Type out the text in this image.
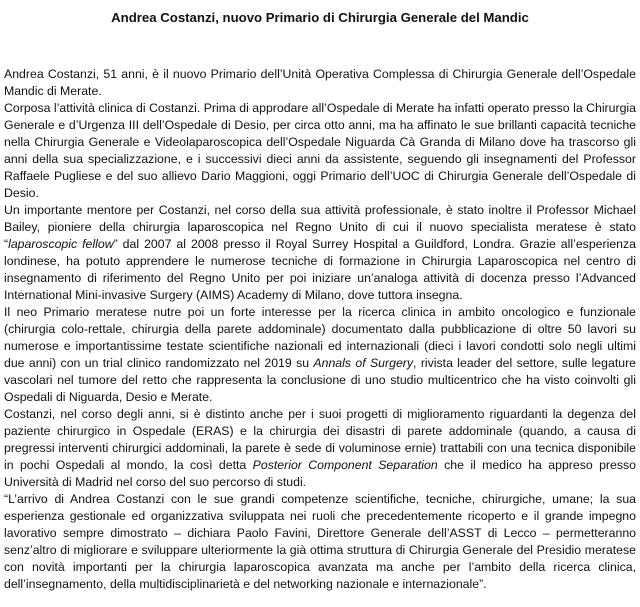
Andrea Costanzi, nuovo Primario di Chirurgia Generale del Mandic

Andrea Costanzi, 51 anni, è il nuovo Primario dell’Unità Operativa Complessa di Chirurgia Generale dell’Ospedale Mandic di Merate.

Corposa l’attività clinica di Costanzi. Prima di approdare all’Ospedale di Merate ha infatti operato presso la Chirurgia Generale e d’Urgenza III dell’Ospedale di Desio, per circa otto anni, ma ha affinato le sue brillanti capacità tecniche nella Chirurgia Generale e Videolaparoscopica dell’Ospedale Niguarda Cà Granda di Milano dove ha trascorso gli anni della sua specializzazione, e i successivi dieci anni da assistente, seguendo gli insegnamenti del Professor Raffaele Pugliese e del suo allievo Dario Maggioni, oggi Primario dell’UOC di Chirurgia Generale dell’Ospedale di Desio.

Un importante mentore per Costanzi, nel corso della sua attività professionale, è stato inoltre il Professor Michael Bailey, pioniere della chirurgia laparoscopica nel Regno Unito di cui il nuovo specialista meratese è stato “laparoscopic fellow” dal 2007 al 2008 presso il Royal Surrey Hospital a Guildford, Londra. Grazie all’esperienza londinese, ha potuto apprendere le numerose tecniche di formazione in Chirurgia Laparoscopica nel centro di insegnamento di riferimento del Regno Unito per poi iniziare un’analoga attività di docenza presso l’Advanced International Mini-invasive Surgery (AIMS) Academy di Milano, dove tuttora insegna.

Il neo Primario meratese nutre poi un forte interesse per la ricerca clinica in ambito oncologico e funzionale (chirurgia colo-rettale, chirurgia della parete addominale) documentato dalla pubblicazione di oltre 50 lavori su numerose e importantissime testate scientifiche nazionali ed internazionali (dieci i lavori condotti solo negli ultimi due anni) con un trial clinico randomizzato nel 2019 su Annals of Surgery, rivista leader del settore, sulle legature vascolari nel tumore del retto che rappresenta la conclusione di uno studio multicentrico che ha visto coinvolti gli Ospedali di Niguarda, Desio e Merate.

Costanzi, nel corso degli anni, si è distinto anche per i suoi progetti di miglioramento riguardanti la degenza del paziente chirurgico in Ospedale (ERAS) e la chirurgia dei disastri di parete addominale (quando, a causa di pregressi interventi chirurgici addominali, la parete è sede di voluminose ernie) trattabili con una tecnica disponibile in pochi Ospedali al mondo, la così detta Posterior Component Separation che il medico ha appreso presso Università di Madrid nel corso del suo percorso di studi.

“L’arrivo di Andrea Costanzi con le sue grandi competenze scientifiche, tecniche, chirurgiche, umane; la sua esperienza gestionale ed organizzativa sviluppata nei ruoli che precedentemente ricoperto e il grande impegno lavorativo sempre dimostrato – dichiara Paolo Favini, Direttore Generale dell’ASST di Lecco – permetteranno senz’altro di migliorare e sviluppare ulteriormente la già ottima struttura di Chirurgia Generale del Presidio meratese con novità importanti per la chirurgia laparoscopica avanzata ma anche per l’ambito della ricerca clinica, dell’insegnamento, della multidisciplinarietà e del networking nazionale e internazionale”.
